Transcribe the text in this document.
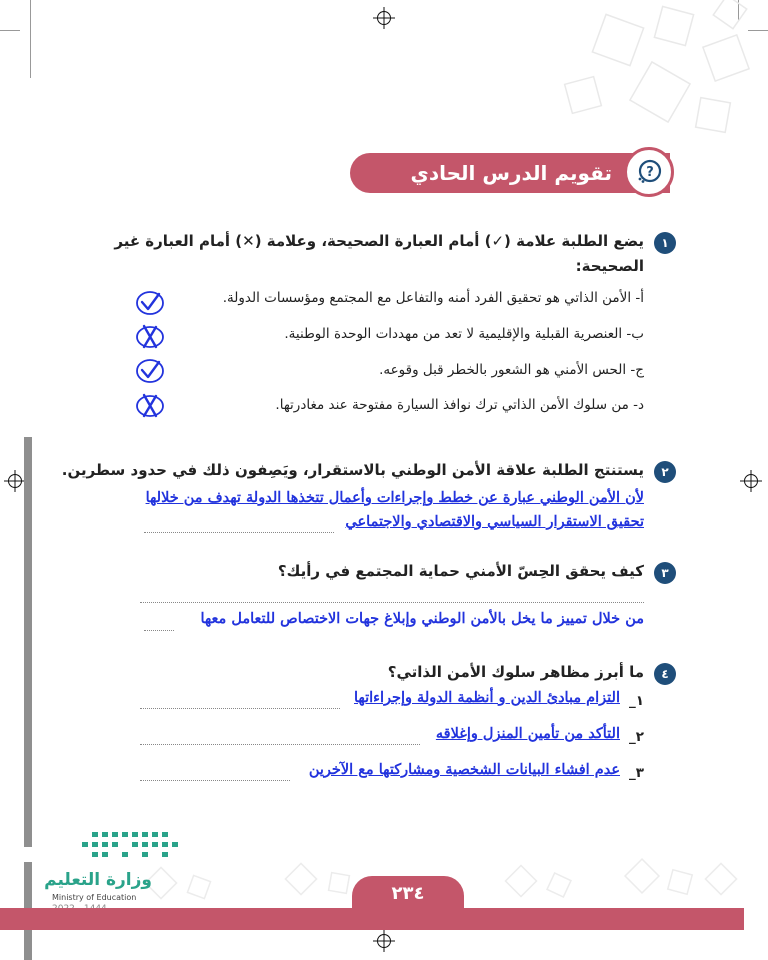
تقويم الدرس الحادي والثلاثين
?
١
يضع الطلبة علامة (✓) أمام العبارة الصحيحة، وعلامة (✕) أمام العبارة غير
الصحيحة:
أ- الأمن الذاتي هو تحقيق الفرد أمنه والتفاعل مع المجتمع ومؤسسات الدولة.
ب- العنصرية القبلية والإقليمية لا تعد من مهددات الوحدة الوطنية.
ج- الحس الأمني هو الشعور بالخطر قبل وقوعه.
د- من سلوك الأمن الذاتي ترك نوافذ السيارة مفتوحة عند مغادرتها.
٢
يستنتج الطلبة علاقة الأمن الوطني بالاستقرار، ويَصِفون ذلك في حدود سطرين.
لأن الأمن الوطني عبارة عن خطط وإجراءات وأعمال تتخذها الدولة تهدف من خلالها
تحقيق الاستقرار السياسي والاقتصادي والاجتماعي
٣
كيف يحقق الحِسّ الأمني حماية المجتمع في رأيك؟
من خلال تمييز ما يخل بالأمن الوطني وإبلاغ جهات الاختصاص للتعامل معها
٤
ما أبرز مظاهر سلوك الأمن الذاتي؟
١_
التزام مبادئ الدين و أنظمة الدولة وإجراءاتها
٢_
التأكد من تأمين المنزل وإغلاقه
٣_
عدم افشاء البيانات الشخصية ومشاركتها مع الآخرين
وزارة التعليم
Ministry of Education	٢٣٤
